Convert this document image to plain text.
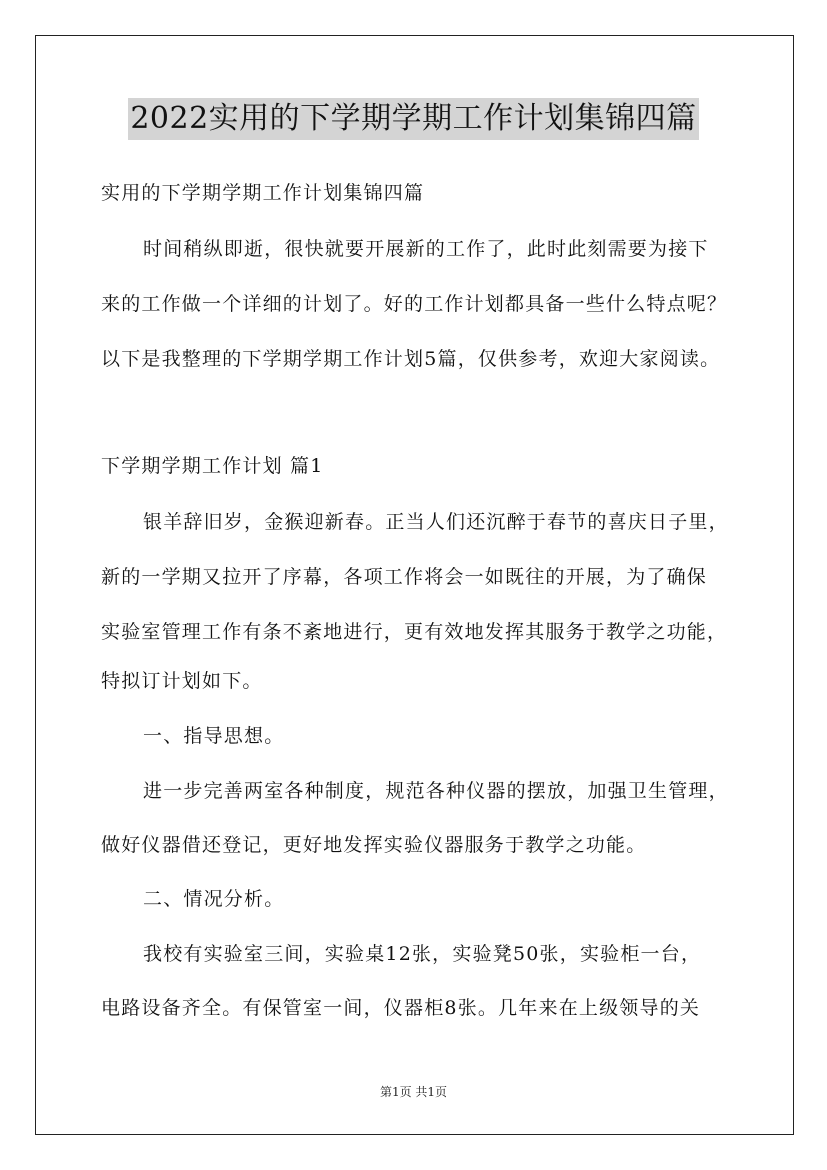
2022实用的下学期学期工作计划集锦四篇
实用的下学期学期工作计划集锦四篇
时间稍纵即逝，很快就要开展新的工作了，此时此刻需要为接下
来的工作做一个详细的计划了。好的工作计划都具备一些什么特点呢？
以下是我整理的下学期学期工作计划5篇，仅供参考，欢迎大家阅读。
下学期学期工作计划 篇1
银羊辞旧岁，金猴迎新春。正当人们还沉醉于春节的喜庆日子里，
新的一学期又拉开了序幕，各项工作将会一如既往的开展，为了确保
实验室管理工作有条不紊地进行，更有效地发挥其服务于教学之功能，
特拟订计划如下。
一、指导思想。
进一步完善两室各种制度，规范各种仪器的摆放，加强卫生管理，
做好仪器借还登记，更好地发挥实验仪器服务于教学之功能。
二、情况分析。
我校有实验室三间，实验桌12张，实验凳50张，实验柜一台，
电路设备齐全。有保管室一间，仪器柜8张。几年来在上级领导的关
第1页 共1页
